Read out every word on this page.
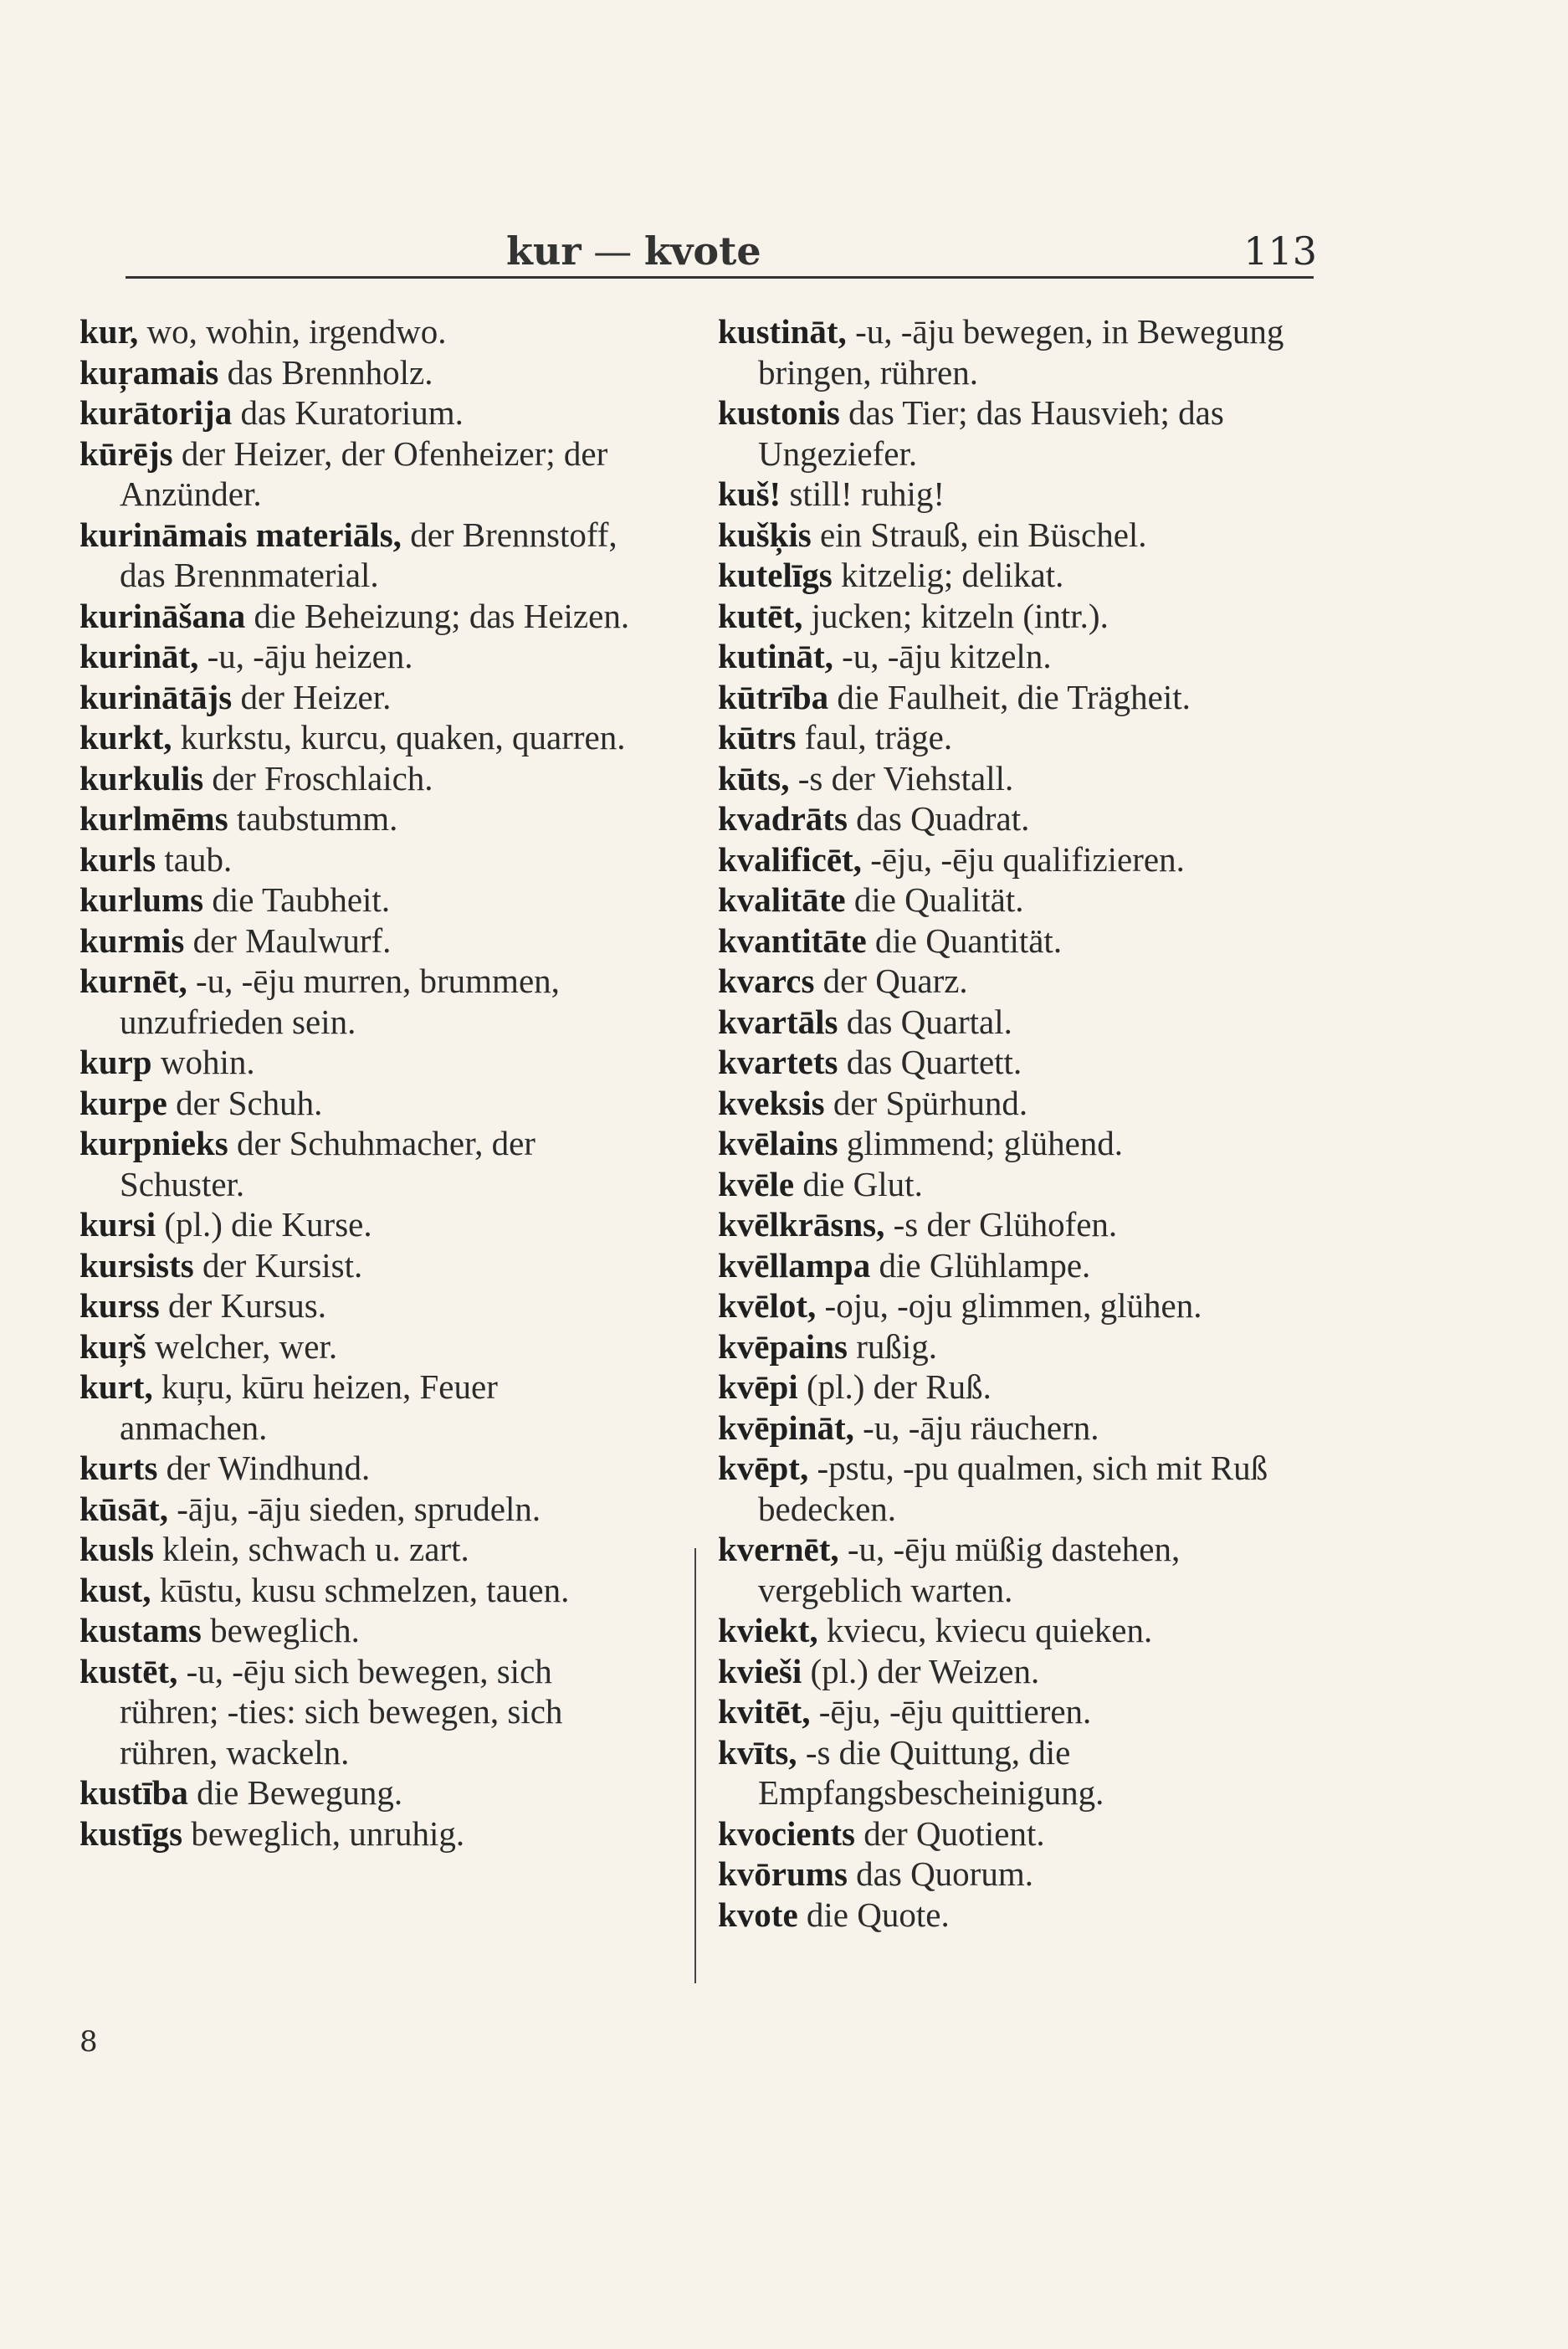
kur — kvote	113

kur, wo, wohin, irgendwo.

kuŗamais das Brennholz.

kurātorija das Kuratorium.

kūrējs der Heizer, der Ofenheizer; der Anzünder.

kurināmais materiāls, der Brennstoff, das Brennmaterial.

kurināšana die Beheizung; das Heizen.

kurināt, -u, -āju heizen.

kurinātājs der Heizer.

kurkt, kurkstu, kurcu, quaken, quarren.

kurkulis der Froschlaich.

kurlmēms taubstumm.

kurls taub.

kurlums die Taubheit.

kurmis der Maulwurf.

kurnēt, -u, -ēju murren, brummen, unzufrieden sein.

kurp wohin.

kurpe der Schuh.

kurpnieks der Schuhmacher, der Schuster.

kursi (pl.) die Kurse.

kursists der Kursist.

kurss der Kursus.

kuŗš welcher, wer.

kurt, kuŗu, kūru heizen, Feuer anmachen.

kurts der Windhund.

kūsāt, -āju, -āju sieden, sprudeln.

kusls klein, schwach u. zart.

kust, kūstu, kusu schmelzen, tauen.

kustams beweglich.

kustēt, -u, -ēju sich bewegen, sich rühren; -ties: sich bewegen, sich rühren, wackeln.

kustība die Bewegung.

kustīgs beweglich, unruhig.

kustināt, -u, -āju bewegen, in Bewegung bringen, rühren.

kustonis das Tier; das Hausvieh; das Ungeziefer.

kuš! still! ruhig!

kušķis ein Strauß, ein Büschel.

kutelīgs kitzelig; delikat.

kutēt, jucken; kitzeln (intr.).

kutināt, -u, -āju kitzeln.

kūtrība die Faulheit, die Trägheit.

kūtrs faul, träge.

kūts, -s der Viehstall.

kvadrāts das Quadrat.

kvalificēt, -ēju, -ēju qualifizieren.

kvalitāte die Qualität.

kvantitāte die Quantität.

kvarcs der Quarz.

kvartāls das Quartal.

kvartets das Quartett.

kveksis der Spürhund.

kvēlains glimmend; glühend.

kvēle die Glut.

kvēlkrāsns, -s der Glühofen.

kvēllampa die Glühlampe.

kvēlot, -oju, -oju glimmen, glühen.

kvēpains rußig.

kvēpi (pl.) der Ruß.

kvēpināt, -u, -āju räuchern.

kvēpt, -pstu, -pu qualmen, sich mit Ruß bedecken.

kvernēt, -u, -ēju müßig dastehen, vergeblich warten.

kviekt, kviecu, kviecu quieken.

kvieši (pl.) der Weizen.

kvitēt, -ēju, -ēju quittieren.

kvīts, -s die Quittung, die Empfangsbescheinigung.

kvocients der Quotient.

kvōrums das Quorum.

kvote die Quote.

8
